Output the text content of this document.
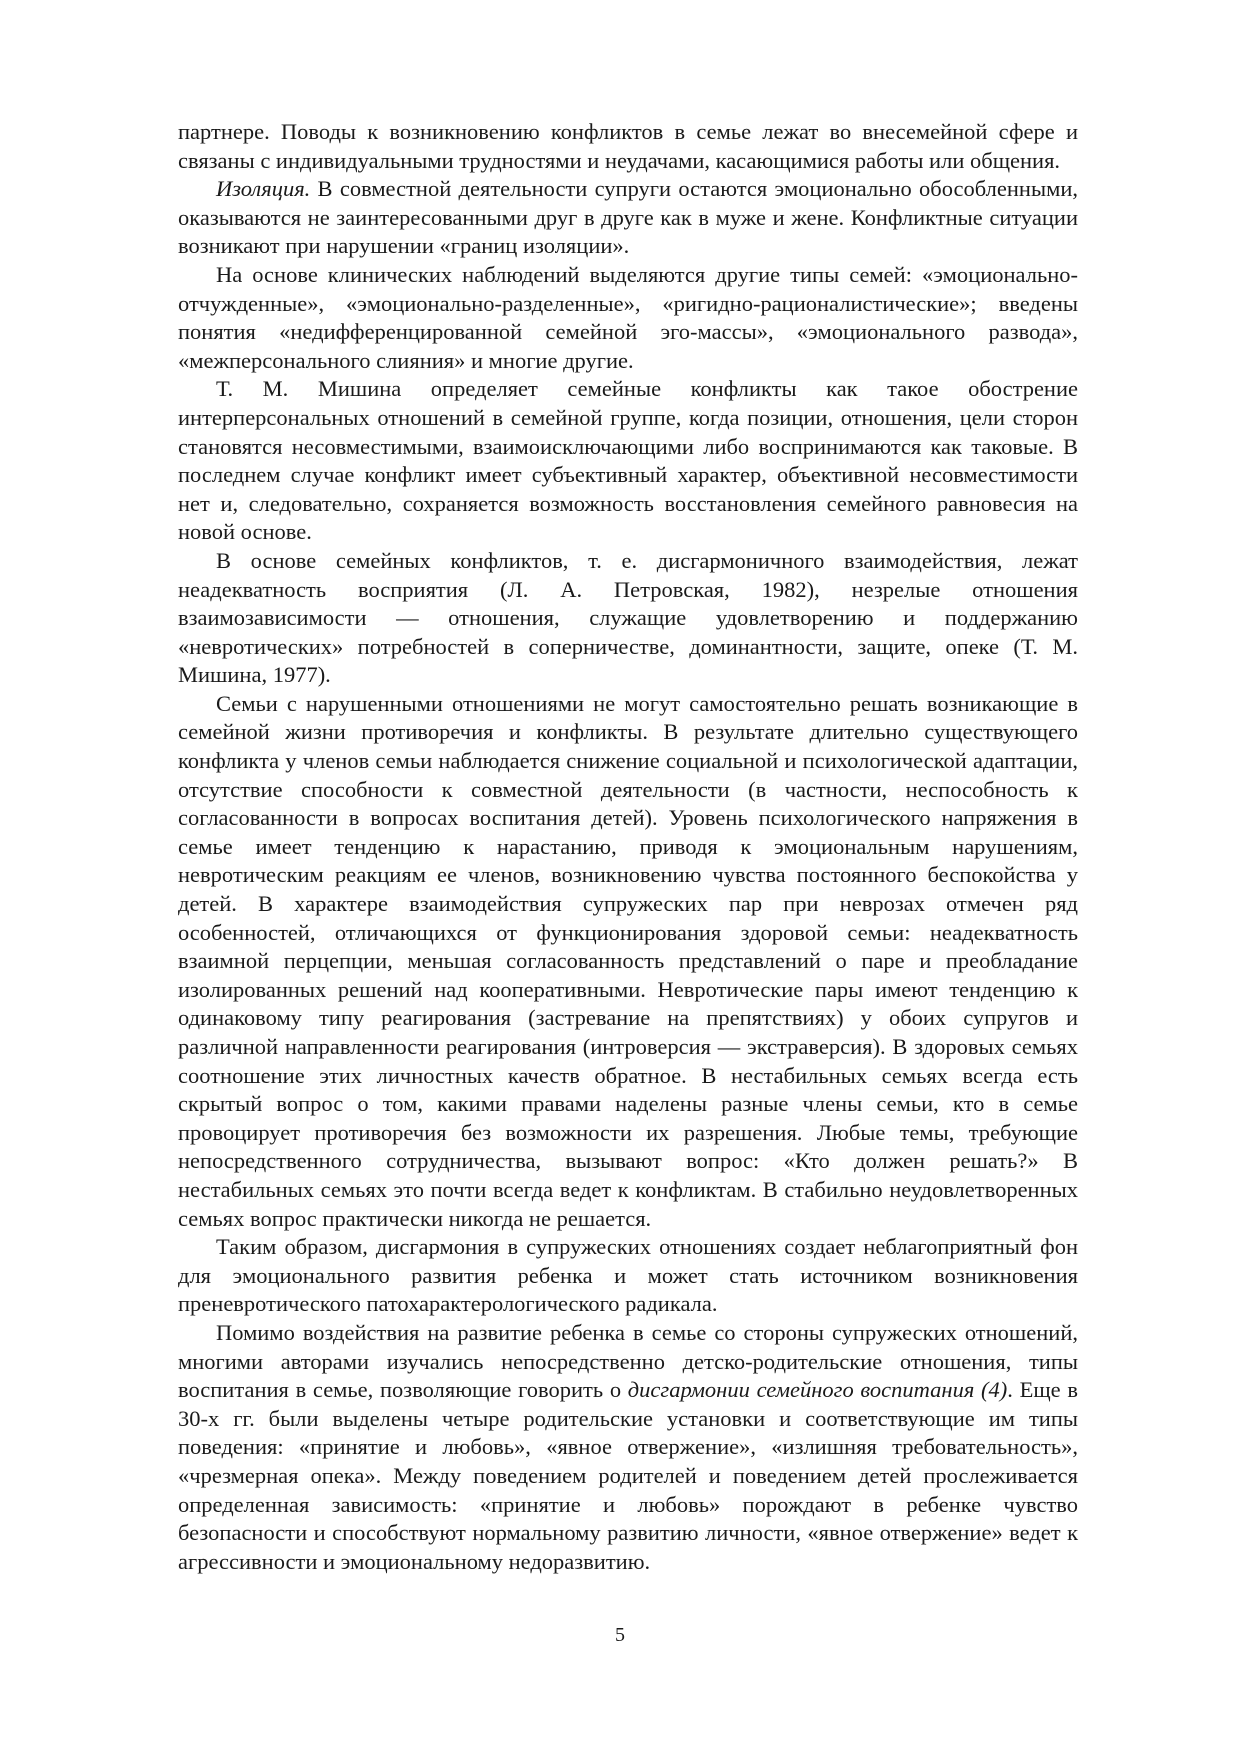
партнере. Поводы к возникновению конфликтов в семье лежат во внесемейной сфере и связаны с индивидуальными трудностями и неудачами, касающимися работы или общения.

Изоляция. В совместной деятельности супруги остаются эмоционально обособленными, оказываются не заинтересованными друг в друге как в муже и жене. Конфликтные ситуации возникают при нарушении «границ изоляции».

На основе клинических наблюдений выделяются другие типы семей: «эмоционально-отчужденные», «эмоционально-разделенные», «ригидно-рационалистические»; введены понятия «недифференцированной семейной эго-массы», «эмоционального развода», «межперсонального слияния» и многие другие.

Т. М. Мишина определяет семейные конфликты как такое обострение интерперсональных отношений в семейной группе, когда позиции, отношения, цели сторон становятся несовместимыми, взаимоисключающими либо воспринимаются как таковые. В последнем случае конфликт имеет субъективный характер, объективной несовместимости нет и, следовательно, сохраняется возможность восстановления семейного равновесия на новой основе.

В основе семейных конфликтов, т. е. дисгармоничного взаимодействия, лежат неадекватность восприятия (Л. А. Петровская, 1982), незрелые отношения взаимозависимости — отношения, служащие удовлетворению и поддержанию «невротических» потребностей в соперничестве, доминантности, защите, опеке (Т. М. Мишина, 1977).

Семьи с нарушенными отношениями не могут самостоятельно решать возникающие в семейной жизни противоречия и конфликты. В результате длительно существующего конфликта у членов семьи наблюдается снижение социальной и психологической адаптации, отсутствие способности к совместной деятельности (в частности, неспособность к согласованности в вопросах воспитания детей). Уровень психологического напряжения в семье имеет тенденцию к нарастанию, приводя к эмоциональным нарушениям, невротическим реакциям ее членов, возникновению чувства постоянного беспокойства у детей. В характере взаимодействия супружеских пар при неврозах отмечен ряд особенностей, отличающихся от функционирования здоровой семьи: неадекватность взаимной перцепции, меньшая согласованность представлений о паре и преобладание изолированных решений над кооперативными. Невротические пары имеют тенденцию к одинаковому типу реагирования (застревание на препятствиях) у обоих супругов и различной направленности реагирования (интроверсия — экстраверсия). В здоровых семьях соотношение этих личностных качеств обратное. В нестабильных семьях всегда есть скрытый вопрос о том, какими правами наделены разные члены семьи, кто в семье провоцирует противоречия без возможности их разрешения. Любые темы, требующие непосредственного сотрудничества, вызывают вопрос: «Кто должен решать?» В нестабильных семьях это почти всегда ведет к конфликтам. В стабильно неудовлетворенных семьях вопрос практически никогда не решается.

Таким образом, дисгармония в супружеских отношениях создает неблагоприятный фон для эмоционального развития ребенка и может стать источником возникновения преневротического патохарактерологического радикала.

Помимо воздействия на развитие ребенка в семье со стороны супружеских отношений, многими авторами изучались непосредственно детско-родительские отношения, типы воспитания в семье, позволяющие говорить о дисгармонии семейного воспитания (4). Еще в 30-х гг. были выделены четыре родительские установки и соответствующие им типы поведения: «принятие и любовь», «явное отвержение», «излишняя требовательность», «чрезмерная опека». Между поведением родителей и поведением детей прослеживается определенная зависимость: «принятие и любовь» порождают в ребенке чувство безопасности и способствуют нормальному развитию личности, «явное отвержение» ведет к агрессивности и эмоциональному недоразвитию.

5
